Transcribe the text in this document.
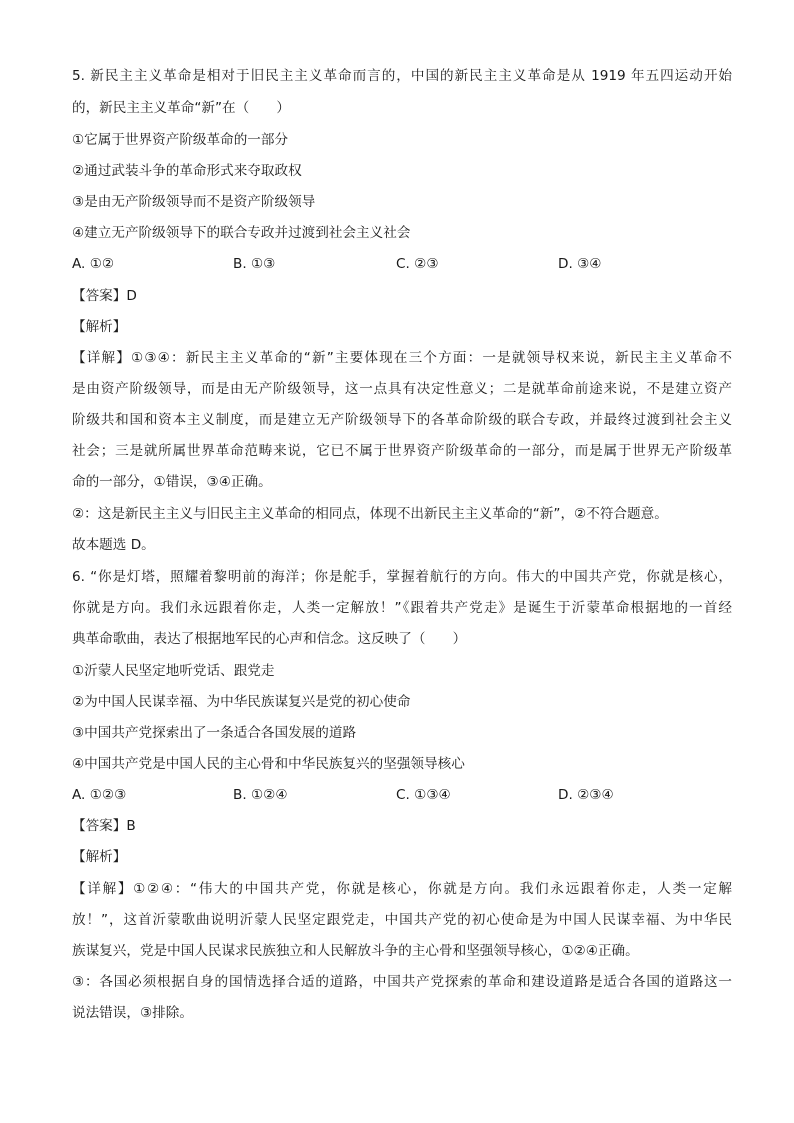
5. 新民主主义革命是相对于旧民主主义革命而言的，中国的新民主主义革命是从 1919 年五四运动开始
的，新民主主义革命“新”在（　　）
①它属于世界资产阶级革命的一部分
②通过武装斗争的革命形式来夺取政权
③是由无产阶级领导而不是资产阶级领导
④建立无产阶级领导下的联合专政并过渡到社会主义社会
A. ①②	B. ①③	C. ②③	D. ③④
【答案】D
【解析】
【详解】①③④：新民主主义革命的“新”主要体现在三个方面：一是就领导权来说，新民主主义革命不
是由资产阶级领导，而是由无产阶级领导，这一点具有决定性意义；二是就革命前途来说，不是建立资产
阶级共和国和资本主义制度，而是建立无产阶级领导下的各革命阶级的联合专政，并最终过渡到社会主义
社会；三是就所属世界革命范畴来说，它已不属于世界资产阶级革命的一部分，而是属于世界无产阶级革
命的一部分，①错误，③④正确。
②：这是新民主主义与旧民主主义革命的相同点，体现不出新民主主义革命的“新”，②不符合题意。
故本题选 D。
6. “你是灯塔，照耀着黎明前的海洋；你是舵手，掌握着航行的方向。伟大的中国共产党，你就是核心，
你就是方向。我们永远跟着你走，人类一定解放！”《跟着共产党走》是诞生于沂蒙革命根据地的一首经
典革命歌曲，表达了根据地军民的心声和信念。这反映了（　　）
①沂蒙人民坚定地听党话、跟党走
②为中国人民谋幸福、为中华民族谋复兴是党的初心使命
③中国共产党探索出了一条适合各国发展的道路
④中国共产党是中国人民的主心骨和中华民族复兴的坚强领导核心
A. ①②③	B. ①②④	C. ①③④	D. ②③④
【答案】B
【解析】
【详解】①②④：“伟大的中国共产党，你就是核心，你就是方向。我们永远跟着你走，人类一定解
放！”，这首沂蒙歌曲说明沂蒙人民坚定跟党走，中国共产党的初心使命是为中国人民谋幸福、为中华民
族谋复兴，党是中国人民谋求民族独立和人民解放斗争的主心骨和坚强领导核心，①②④正确。
③：各国必须根据自身的国情选择合适的道路，中国共产党探索的革命和建设道路是适合各国的道路这一
说法错误，③排除。
